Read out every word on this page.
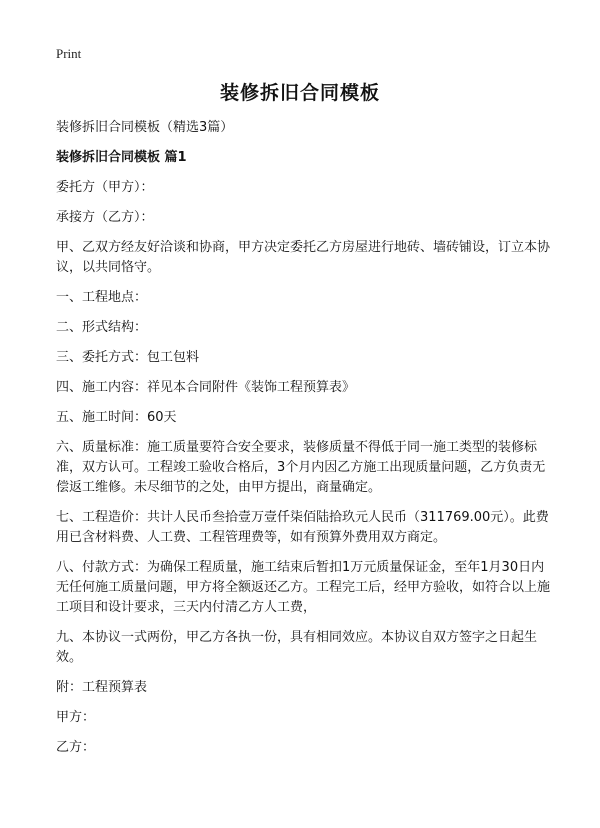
Print
装修拆旧合同模板

装修拆旧合同模板（精选3篇）

装修拆旧合同模板 篇1

委托方（甲方）：

承接方（乙方）：

甲、乙双方经友好洽谈和协商，甲方决定委托乙方房屋进行地砖、墙砖铺设，订立本协议，以共同恪守。

一、工程地点：

二、形式结构：

三、委托方式：包工包料

四、施工内容：祥见本合同附件《装饰工程预算表》

五、施工时间：60天

六、质量标准：施工质量要符合安全要求，装修质量不得低于同一施工类型的装修标准，双方认可。工程竣工验收合格后，3个月内因乙方施工出现质量问题，乙方负责无偿返工维修。未尽细节的之处，由甲方提出，商量确定。

七、工程造价：共计人民币叁拾壹万壹仟柒佰陆拾玖元人民币（311769.00元）。此费用已含材料费、人工费、工程管理费等，如有预算外费用双方商定。

八、付款方式：为确保工程质量，施工结束后暂扣1万元质量保证金，至年1月30日内无任何施工质量问题，甲方将全额返还乙方。工程完工后，经甲方验收，如符合以上施工项目和设计要求，三天内付清乙方人工费，

九、本协议一式两份，甲乙方各执一份，具有相同效应。本协议自双方签字之日起生效。

附：工程预算表

甲方：

乙方：
